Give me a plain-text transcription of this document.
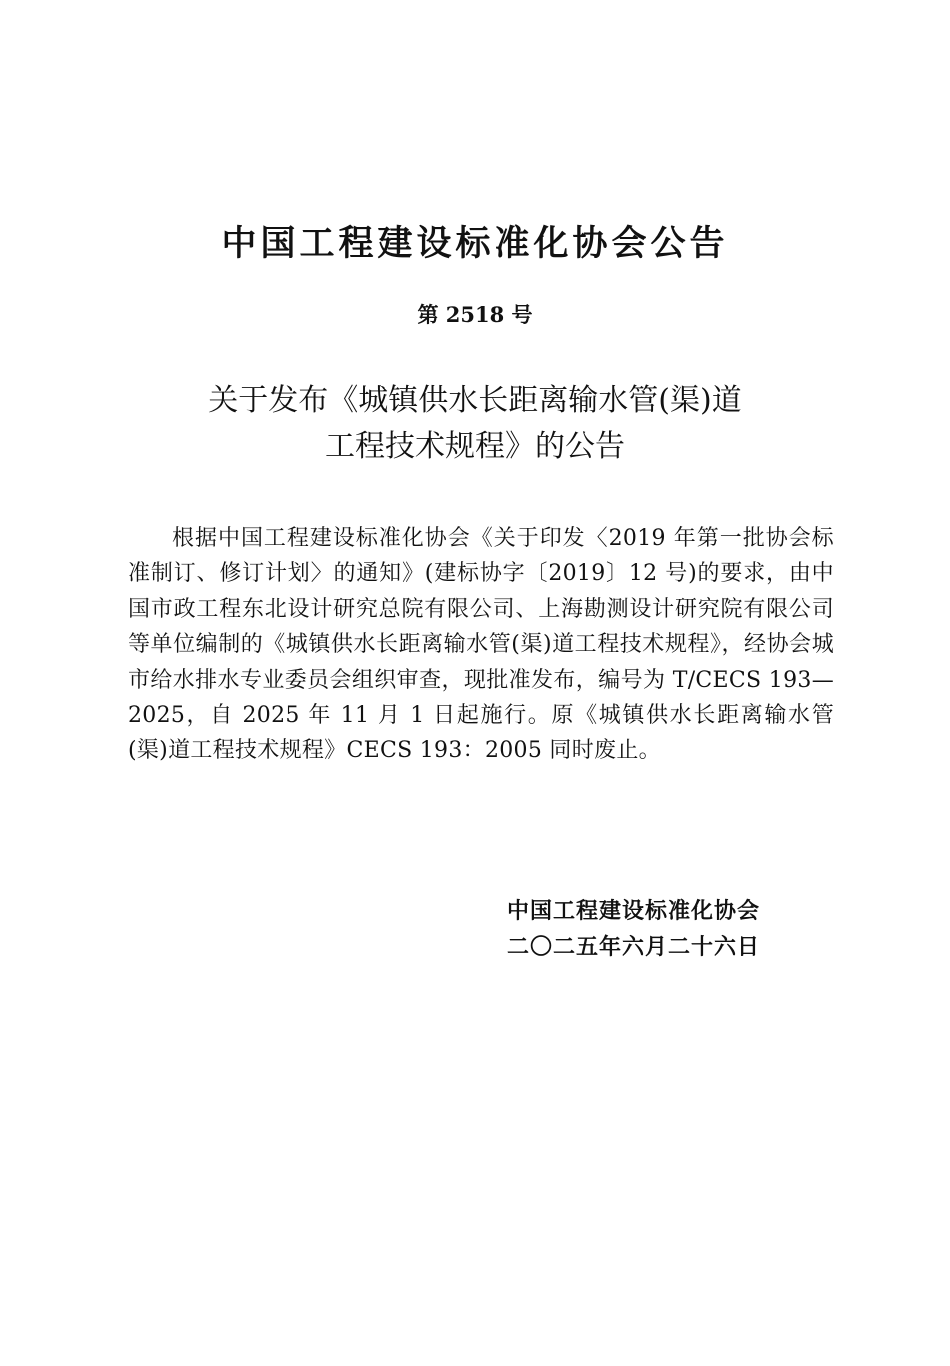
中国工程建设标准化协会公告
第 2518 号
关于发布《城镇供水长距离输水管(渠)道
工程技术规程》的公告

根据中国工程建设标准化协会《关于印发〈2019 年第一批协会标准制订、修订计划〉的通知》(建标协字〔2019〕12 号)的要求，由中国市政工程东北设计研究总院有限公司、上海勘测设计研究院有限公司等单位编制的《城镇供水长距离输水管(渠)道工程技术规程》，经协会城市给水排水专业委员会组织审查，现批准发布，编号为 T/CECS 193—2025，自 2025 年 11 月 1 日起施行。原《城镇供水长距离输水管(渠)道工程技术规程》CECS 193：2005 同时废止。

中国工程建设标准化协会
二〇二五年六月二十六日
